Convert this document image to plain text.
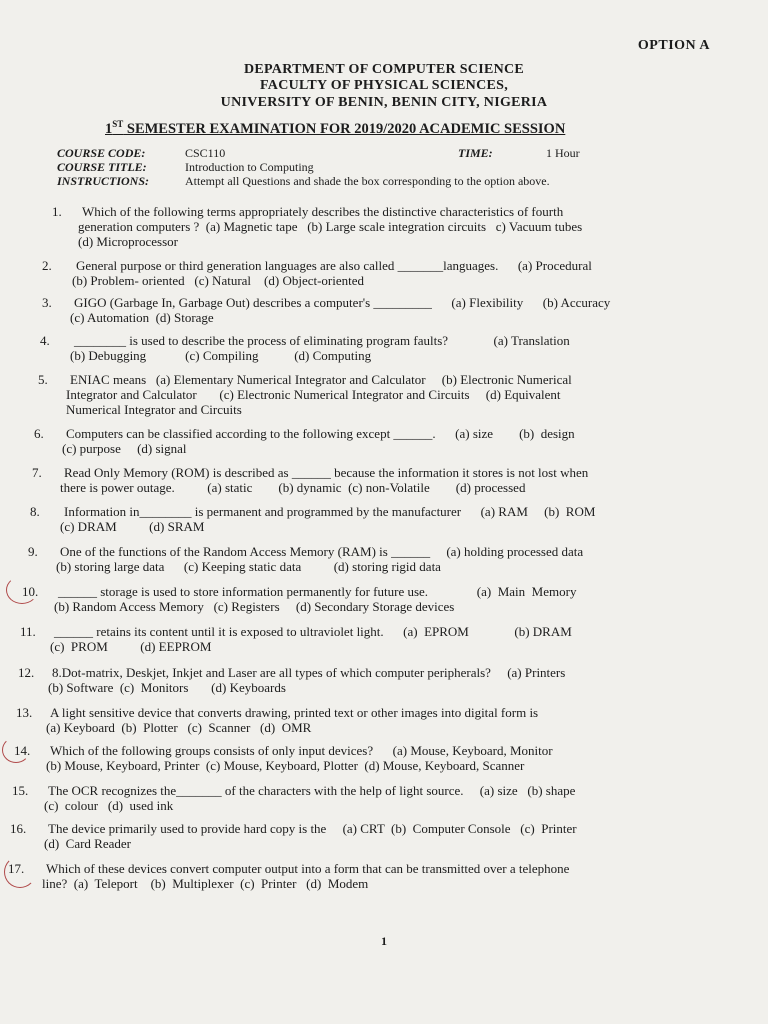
OPTION A
DEPARTMENT OF COMPUTER SCIENCE
FACULTY OF PHYSICAL SCIENCES,
UNIVERSITY OF BENIN, BENIN CITY, NIGERIA
1ST SEMESTER EXAMINATION FOR 2019/2020 ACADEMIC SESSION
COURSE CODE:	CSC110	TIME:	1 Hour
COURSE TITLE:	Introduction to Computing
INSTRUCTIONS:	Attempt all Questions and shade the box corresponding to the option above.
1.	Which of the following terms appropriately describes the distinctive characteristics of fourth
generation computers ?  (a) Magnetic tape   (b) Large scale integration circuits   c) Vacuum tubes
(d) Microprocessor
2.	General purpose or third generation languages are also called _______languages.      (a) Procedural
(b) Problem- oriented   (c) Natural    (d) Object-oriented
3.	GIGO (Garbage In, Garbage Out) describes a computer's _________      (a) Flexibility      (b) Accuracy
(c) Automation  (d) Storage
4.	________ is used to describe the process of eliminating program faults?              (a) Translation
(b) Debugging            (c) Compiling           (d) Computing
5.	ENIAC means   (a) Elementary Numerical Integrator and Calculator     (b) Electronic Numerical
Integrator and Calculator       (c) Electronic Numerical Integrator and Circuits     (d) Equivalent
Numerical Integrator and Circuits
6.	Computers can be classified according to the following except ______.      (a) size        (b)  design
(c) purpose     (d) signal
7.	Read Only Memory (ROM) is described as ______ because the information it stores is not lost when
there is power outage.          (a) static        (b) dynamic  (c) non-Volatile        (d) processed
8.	Information in________ is permanent and programmed by the manufacturer      (a) RAM     (b)  ROM
(c) DRAM          (d) SRAM
9.	One of the functions of the Random Access Memory (RAM) is ______     (a) holding processed data
(b) storing large data      (c) Keeping static data          (d) storing rigid data
10.	______ storage is used to store information permanently for future use.               (a)  Main  Memory
(b) Random Access Memory   (c) Registers     (d) Secondary Storage devices
11.	______ retains its content until it is exposed to ultraviolet light.      (a)  EPROM              (b) DRAM
(c)  PROM          (d) EEPROM
12.	8.Dot-matrix, Deskjet, Inkjet and Laser are all types of which computer peripherals?     (a) Printers
(b) Software  (c)  Monitors       (d) Keyboards
13.	A light sensitive device that converts drawing, printed text or other images into digital form is
(a) Keyboard  (b)  Plotter   (c)  Scanner   (d)  OMR
14.	Which of the following groups consists of only input devices?      (a) Mouse, Keyboard, Monitor
(b) Mouse, Keyboard, Printer  (c) Mouse, Keyboard, Plotter  (d) Mouse, Keyboard, Scanner
15.	The OCR recognizes the_______ of the characters with the help of light source.     (a) size   (b) shape
(c)  colour   (d)  used ink
16.	The device primarily used to provide hard copy is the     (a) CRT  (b)  Computer Console   (c)  Printer
(d)  Card Reader
17.	Which of these devices convert computer output into a form that can be transmitted over a telephone
line?  (a)  Teleport    (b)  Multiplexer  (c)  Printer   (d)  Modem
1
